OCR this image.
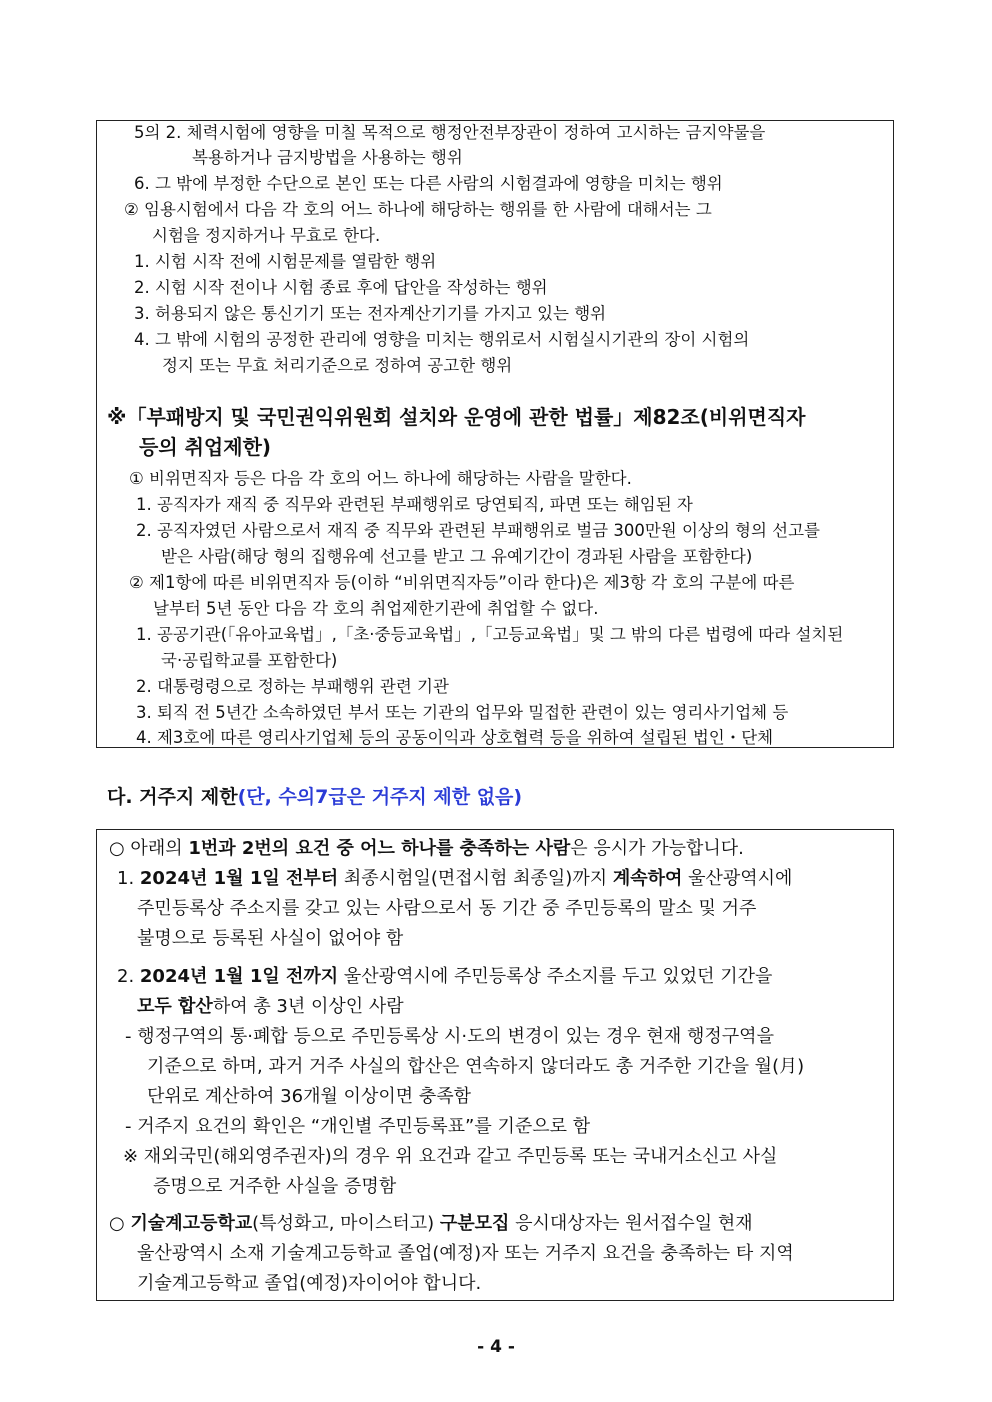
5의 2. 체력시험에 영향을 미칠 목적으로 행정안전부장관이 정하여 고시하는 금지약물을
복용하거나 금지방법을 사용하는 행위
6. 그 밖에 부정한 수단으로 본인 또는 다른 사람의 시험결과에 영향을 미치는 행위
② 임용시험에서 다음 각 호의 어느 하나에 해당하는 행위를 한 사람에 대해서는 그
시험을 정지하거나 무효로 한다.
1. 시험 시작 전에 시험문제를 열람한 행위
2. 시험 시작 전이나 시험 종료 후에 답안을 작성하는 행위
3. 허용되지 않은 통신기기 또는 전자계산기기를 가지고 있는 행위
4. 그 밖에 시험의 공정한 관리에 영향을 미치는 행위로서 시험실시기관의 장이 시험의
정지 또는 무효 처리기준으로 정하여 공고한 행위
※「부패방지 및 국민권익위원회 설치와 운영에 관한 법률」제82조(비위면직자
등의 취업제한)
① 비위면직자 등은 다음 각 호의 어느 하나에 해당하는 사람을 말한다.
1. 공직자가 재직 중 직무와 관련된 부패행위로 당연퇴직, 파면 또는 해임된 자
2. 공직자였던 사람으로서 재직 중 직무와 관련된 부패행위로 벌금 300만원 이상의 형의 선고를
받은 사람(해당 형의 집행유예 선고를 받고 그 유예기간이 경과된 사람을 포함한다)
② 제1항에 따른 비위면직자 등(이하 “비위면직자등”이라 한다)은 제3항 각 호의 구분에 따른
날부터 5년 동안 다음 각 호의 취업제한기관에 취업할 수 없다.
1. 공공기관(「유아교육법」,「초·중등교육법」,「고등교육법」및 그 밖의 다른 법령에 따라 설치된
국·공립학교를 포함한다)
2. 대통령령으로 정하는 부패행위 관련 기관
3. 퇴직 전 5년간 소속하였던 부서 또는 기관의 업무와 밀접한 관련이 있는 영리사기업체 등
4. 제3호에 따른 영리사기업체 등의 공동이익과 상호협력 등을 위하여 설립된 법인・단체
다. 거주지 제한(단, 수의7급은 거주지 제한 없음)
○ 아래의 1번과 2번의 요건 중 어느 하나를 충족하는 사람은 응시가 가능합니다.
1. 2024년 1월 1일 전부터 최종시험일(면접시험 최종일)까지 계속하여 울산광역시에
주민등록상 주소지를 갖고 있는 사람으로서 동 기간 중 주민등록의 말소 및 거주
불명으로 등록된 사실이 없어야 함
2. 2024년 1월 1일 전까지 울산광역시에 주민등록상 주소지를 두고 있었던 기간을
모두 합산하여 총 3년 이상인 사람
- 행정구역의 통·폐합 등으로 주민등록상 시·도의 변경이 있는 경우 현재 행정구역을
기준으로 하며, 과거 거주 사실의 합산은 연속하지 않더라도 총 거주한 기간을 월(月)
단위로 계산하여 36개월 이상이면 충족함
- 거주지 요건의 확인은 “개인별 주민등록표”를 기준으로 함
※ 재외국민(해외영주권자)의 경우 위 요건과 같고 주민등록 또는 국내거소신고 사실
증명으로 거주한 사실을 증명함
○ 기술계고등학교(특성화고, 마이스터고) 구분모집 응시대상자는 원서접수일 현재
울산광역시 소재 기술계고등학교 졸업(예정)자 또는 거주지 요건을 충족하는 타 지역
기술계고등학교 졸업(예정)자이어야 합니다.
- 4 -
